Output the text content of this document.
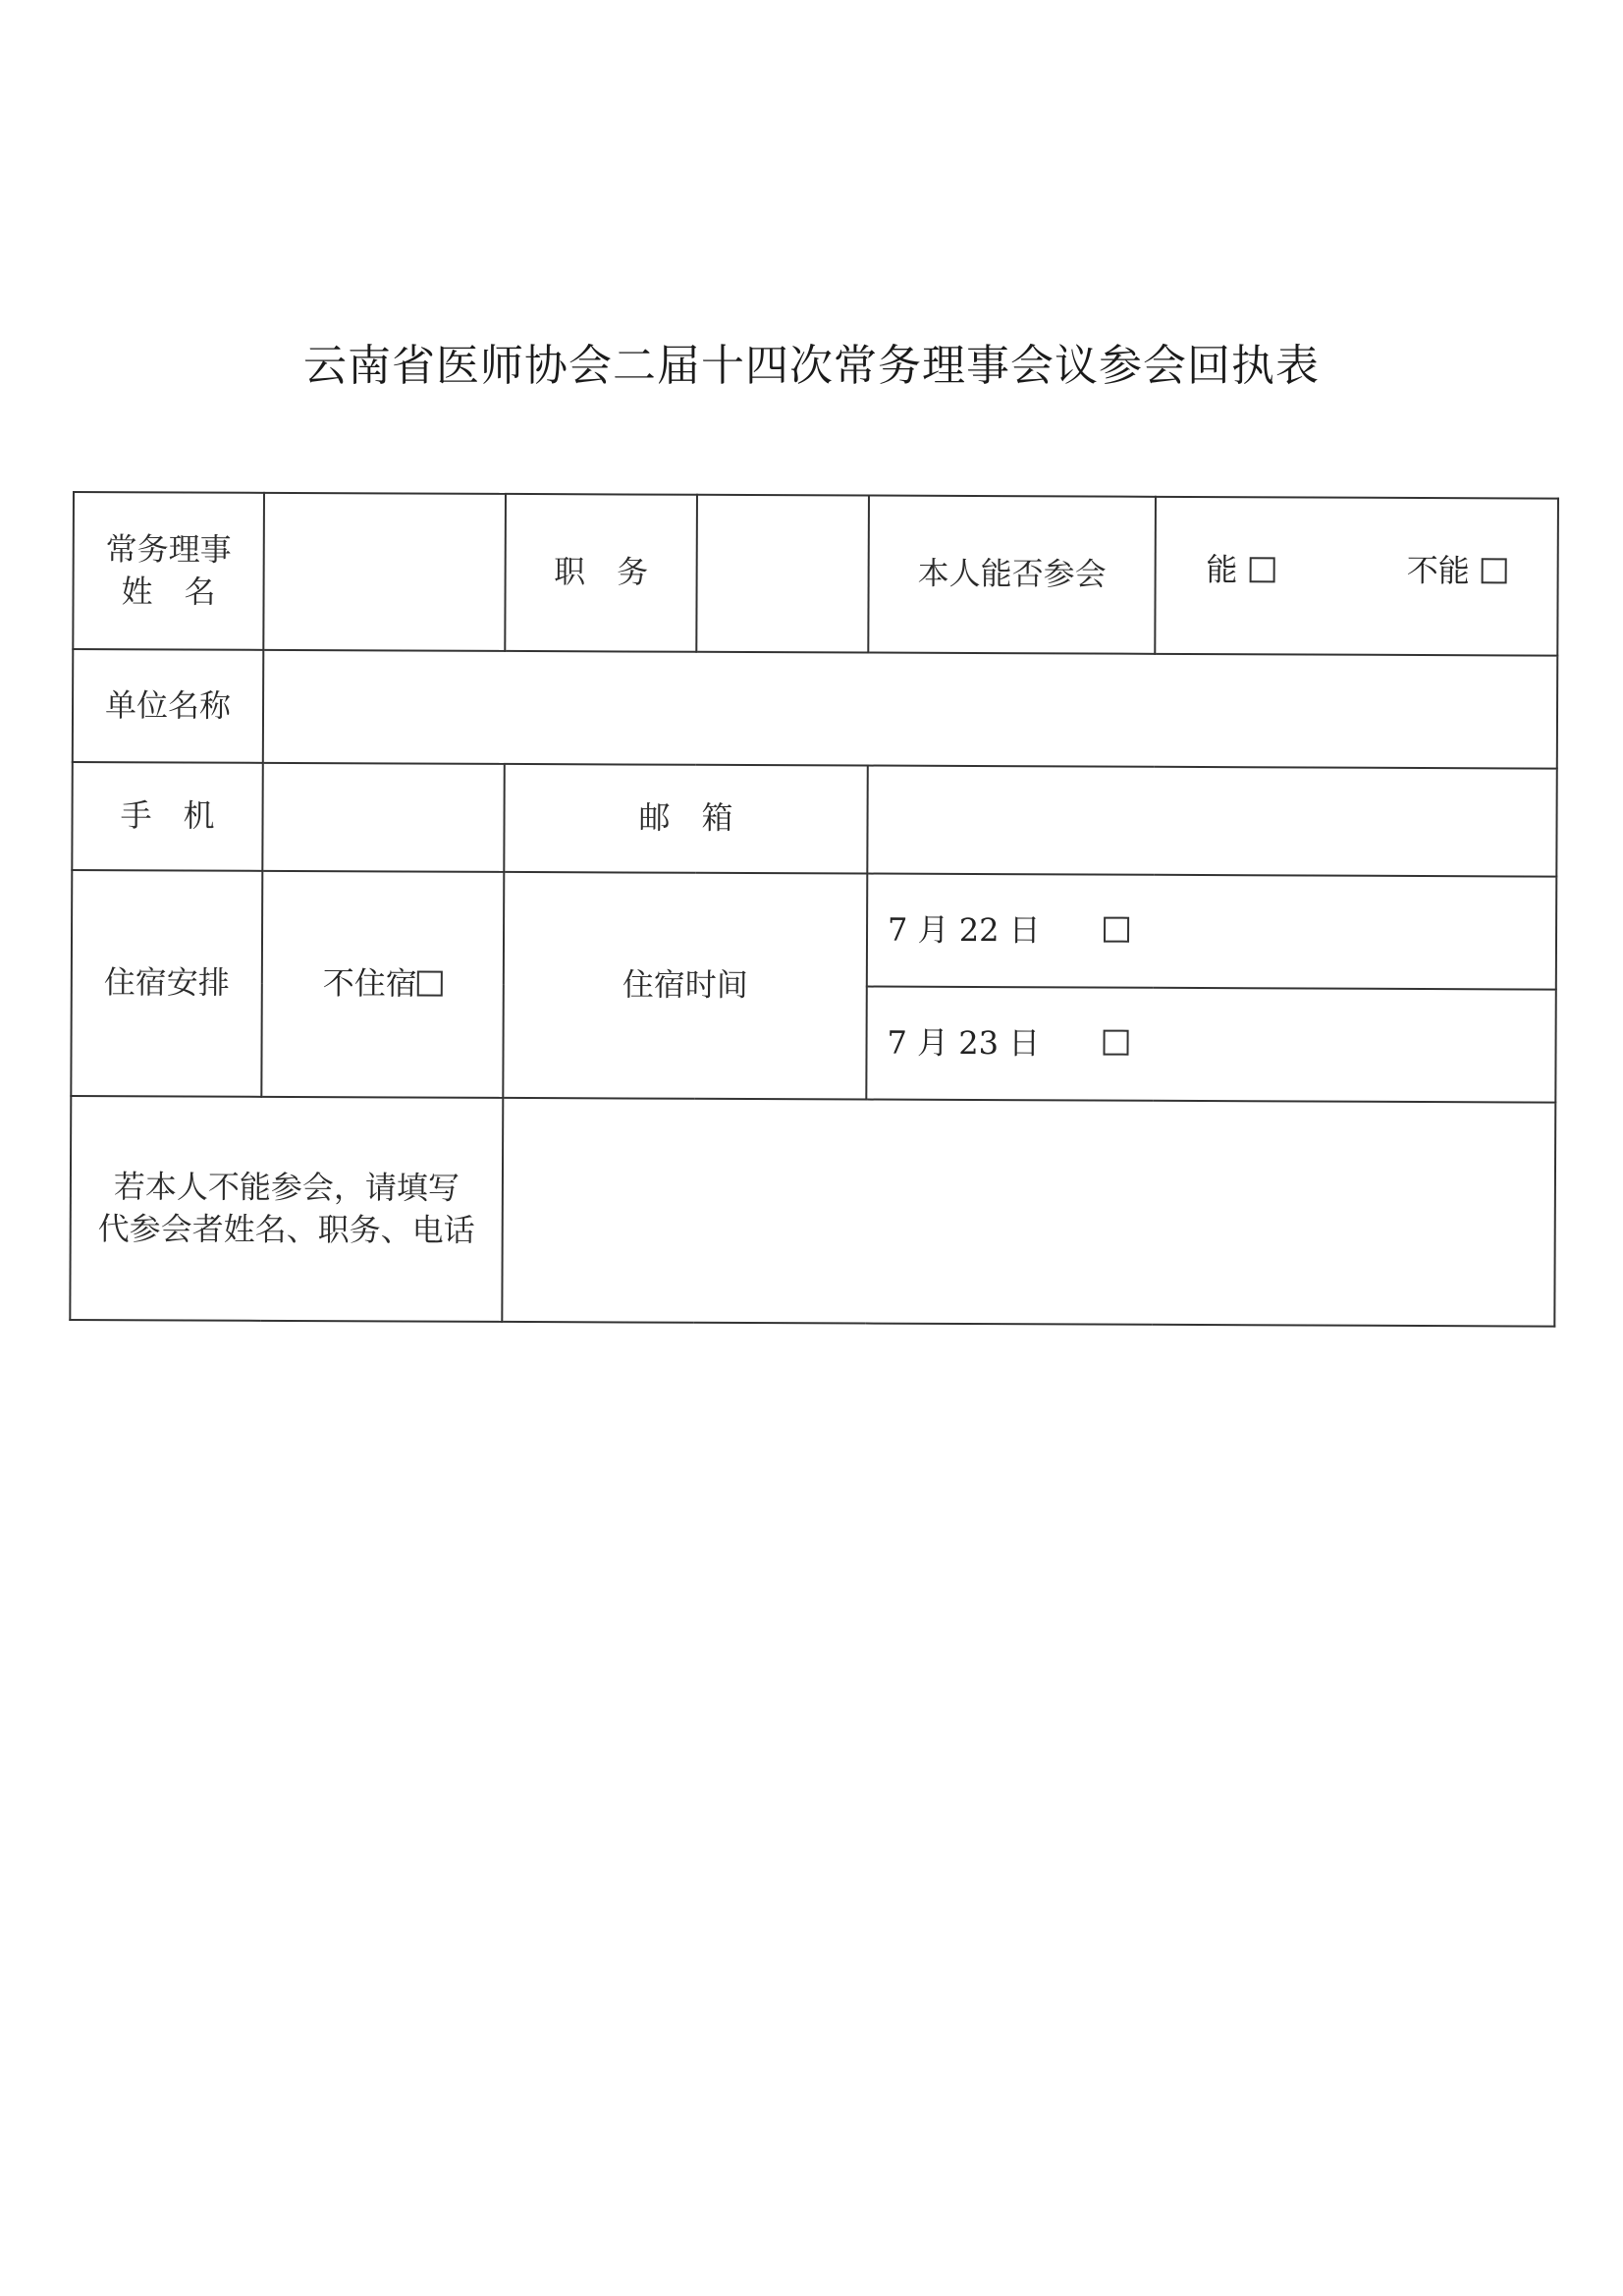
云南省医师协会二届十四次常务理事会议参会回执表
常务理事
姓　名		职　务		本人能否参会	能 不能
单位名称					
手　机		邮　箱			
住宿安排	不住宿	住宿时间		7 月 22 日	
				7 月 23 日	

若本人不能参会，请填写
代参会者姓名、职务、电话					
